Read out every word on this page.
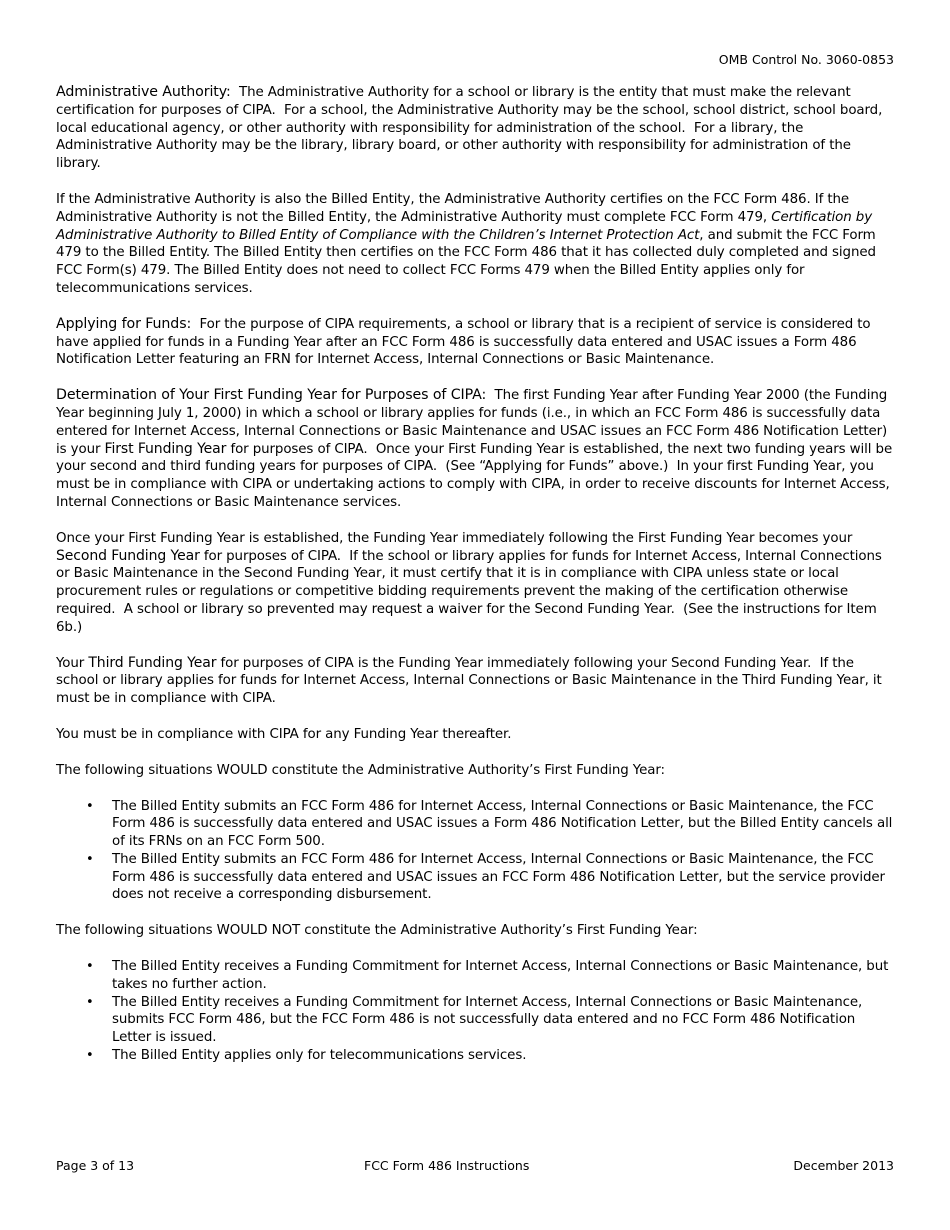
OMB Control No. 3060-0853

Administrative Authority:  The Administrative Authority for a school or library is the entity that must make the relevant certification for purposes of CIPA.  For a school, the Administrative Authority may be the school, school district, school board, local educational agency, or other authority with responsibility for administration of the school.  For a library, the Administrative Authority may be the library, library board, or other authority with responsibility for administration of the library.

If the Administrative Authority is also the Billed Entity, the Administrative Authority certifies on the FCC Form 486. If the Administrative Authority is not the Billed Entity, the Administrative Authority must complete FCC Form 479, Certification by Administrative Authority to Billed Entity of Compliance with the Children’s Internet Protection Act, and submit the FCC Form 479 to the Billed Entity. The Billed Entity then certifies on the FCC Form 486 that it has collected duly completed and signed FCC Form(s) 479. The Billed Entity does not need to collect FCC Forms 479 when the Billed Entity applies only for telecommunications services.

Applying for Funds:  For the purpose of CIPA requirements, a school or library that is a recipient of service is considered to have applied for funds in a Funding Year after an FCC Form 486 is successfully data entered and USAC issues a Form 486 Notification Letter featuring an FRN for Internet Access, Internal Connections or Basic Maintenance.

Determination of Your First Funding Year for Purposes of CIPA:  The first Funding Year after Funding Year 2000 (the Funding Year beginning July 1, 2000) in which a school or library applies for funds (i.e., in which an FCC Form 486 is successfully data entered for Internet Access, Internal Connections or Basic Maintenance and USAC issues an FCC Form 486 Notification Letter) is your First Funding Year for purposes of CIPA.  Once your First Funding Year is established, the next two funding years will be your second and third funding years for purposes of CIPA.  (See “Applying for Funds” above.)  In your first Funding Year, you must be in compliance with CIPA or undertaking actions to comply with CIPA, in order to receive discounts for Internet Access, Internal Connections or Basic Maintenance services.

Once your First Funding Year is established, the Funding Year immediately following the First Funding Year becomes your Second Funding Year for purposes of CIPA.  If the school or library applies for funds for Internet Access, Internal Connections or Basic Maintenance in the Second Funding Year, it must certify that it is in compliance with CIPA unless state or local procurement rules or regulations or competitive bidding requirements prevent the making of the certification otherwise required.  A school or library so prevented may request a waiver for the Second Funding Year.  (See the instructions for Item 6b.)

Your Third Funding Year for purposes of CIPA is the Funding Year immediately following your Second Funding Year.  If the school or library applies for funds for Internet Access, Internal Connections or Basic Maintenance in the Third Funding Year, it must be in compliance with CIPA.

You must be in compliance with CIPA for any Funding Year thereafter.

The following situations WOULD constitute the Administrative Authority’s First Funding Year:

• The Billed Entity submits an FCC Form 486 for Internet Access, Internal Connections or Basic Maintenance, the FCC Form 486 is successfully data entered and USAC issues a Form 486 Notification Letter, but the Billed Entity cancels all of its FRNs on an FCC Form 500.
• The Billed Entity submits an FCC Form 486 for Internet Access, Internal Connections or Basic Maintenance, the FCC Form 486 is successfully data entered and USAC issues an FCC Form 486 Notification Letter, but the service provider does not receive a corresponding disbursement.

The following situations WOULD NOT constitute the Administrative Authority’s First Funding Year:

• The Billed Entity receives a Funding Commitment for Internet Access, Internal Connections or Basic Maintenance, but takes no further action.
• The Billed Entity receives a Funding Commitment for Internet Access, Internal Connections or Basic Maintenance, submits FCC Form 486, but the FCC Form 486 is not successfully data entered and no FCC Form 486 Notification Letter is issued.
• The Billed Entity applies only for telecommunications services.
Page 3 of 13	FCC Form 486 Instructions	December 2013
